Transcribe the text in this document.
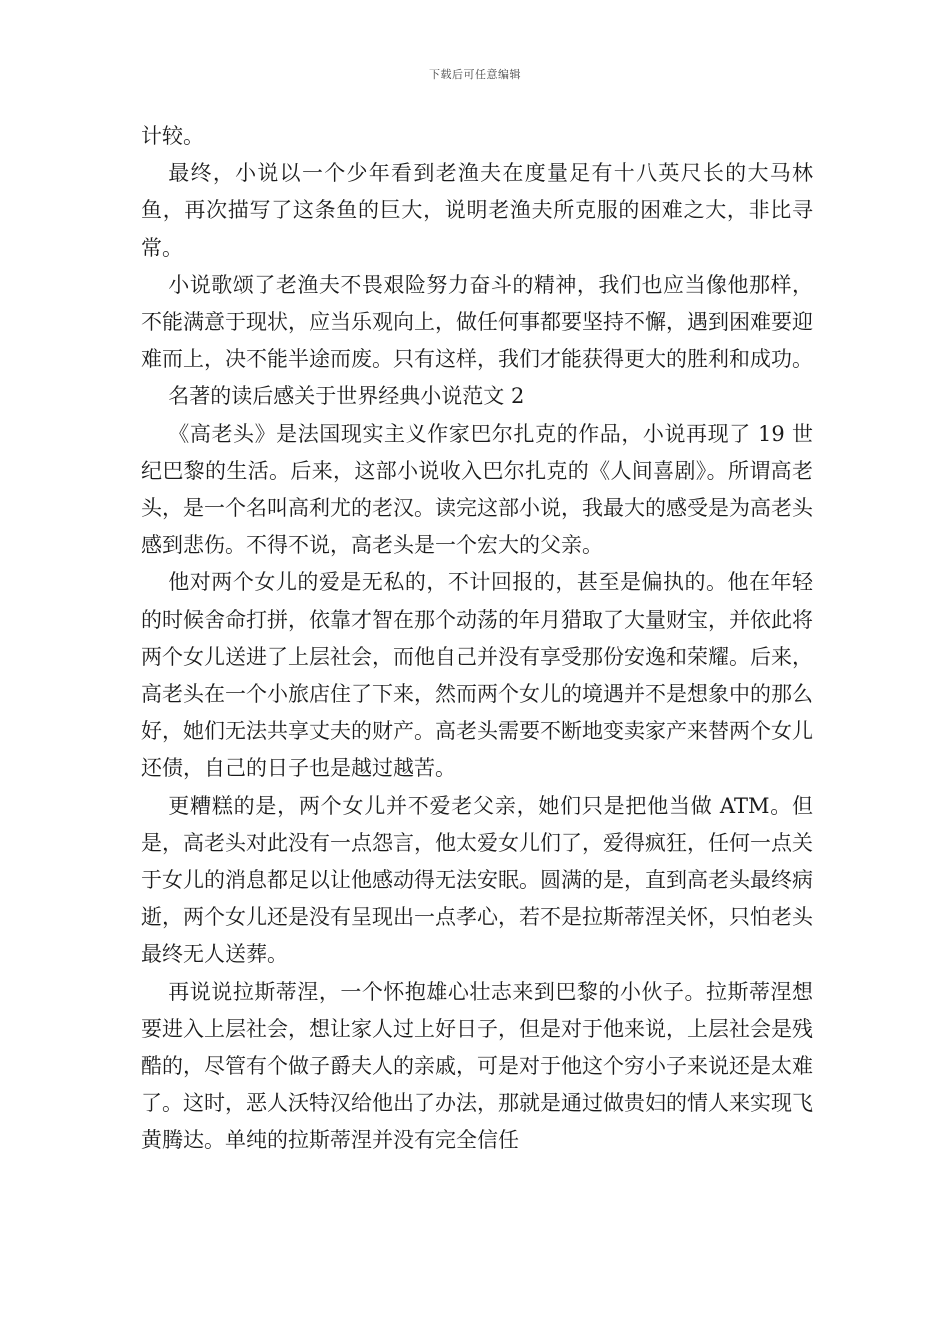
下载后可任意编辑

计较。

最终，小说以一个少年看到老渔夫在度量足有十八英尺长的大马林鱼，再次描写了这条鱼的巨大，说明老渔夫所克服的困难之大，非比寻常。

小说歌颂了老渔夫不畏艰险努力奋斗的精神，我们也应当像他那样，不能满意于现状，应当乐观向上，做任何事都要坚持不懈，遇到困难要迎难而上，决不能半途而废。只有这样，我们才能获得更大的胜利和成功。

名著的读后感关于世界经典小说范文 2

《高老头》是法国现实主义作家巴尔扎克的作品，小说再现了 19 世纪巴黎的生活。后来，这部小说收入巴尔扎克的《人间喜剧》。所谓高老头，是一个名叫高利尤的老汉。读完这部小说，我最大的感受是为高老头感到悲伤。不得不说，高老头是一个宏大的父亲。

他对两个女儿的爱是无私的，不计回报的，甚至是偏执的。他在年轻的时候舍命打拼，依靠才智在那个动荡的年月猎取了大量财宝，并依此将两个女儿送进了上层社会，而他自己并没有享受那份安逸和荣耀。后来，高老头在一个小旅店住了下来，然而两个女儿的境遇并不是想象中的那么好，她们无法共享丈夫的财产。高老头需要不断地变卖家产来替两个女儿还债，自己的日子也是越过越苦。

更糟糕的是，两个女儿并不爱老父亲，她们只是把他当做 ATM。但是，高老头对此没有一点怨言，他太爱女儿们了，爱得疯狂，任何一点关于女儿的消息都足以让他感动得无法安眠。圆满的是，直到高老头最终病逝，两个女儿还是没有呈现出一点孝心，若不是拉斯蒂涅关怀，只怕老头最终无人送葬。

再说说拉斯蒂涅，一个怀抱雄心壮志来到巴黎的小伙子。拉斯蒂涅想要进入上层社会，想让家人过上好日子，但是对于他来说，上层社会是残酷的，尽管有个做子爵夫人的亲戚，可是对于他这个穷小子来说还是太难了。这时，恶人沃特汉给他出了办法，那就是通过做贵妇的情人来实现飞黄腾达。单纯的拉斯蒂涅并没有完全信任
